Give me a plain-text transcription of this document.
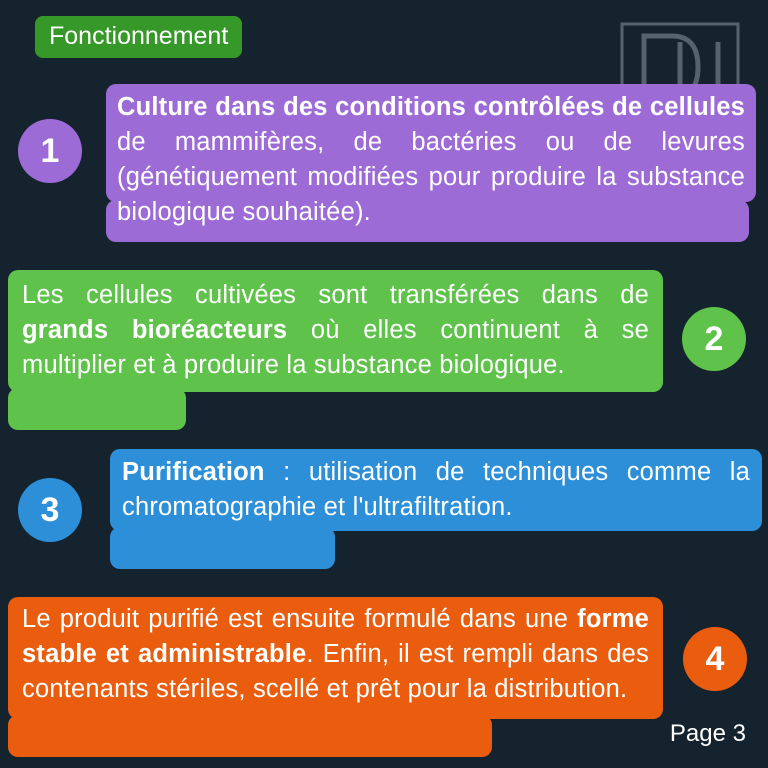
Fonctionnement
1
Culture dans des conditions contrôlées de cellules de mammifères, de bactéries ou de levures (génétiquement modifiées pour produire la substance biologique souhaitée).
Les cellules cultivées sont transférées dans de grands bioréacteurs où elles continuent à se multiplier et à produire la substance biologique.
2
3
Purification : utilisation de techniques comme la chromatographie et l'ultrafiltration.
Le produit purifié est ensuite formulé dans une forme stable et administrable. Enfin, il est rempli dans des contenants stériles, scellé et prêt pour la distribution.
4
Page 3
